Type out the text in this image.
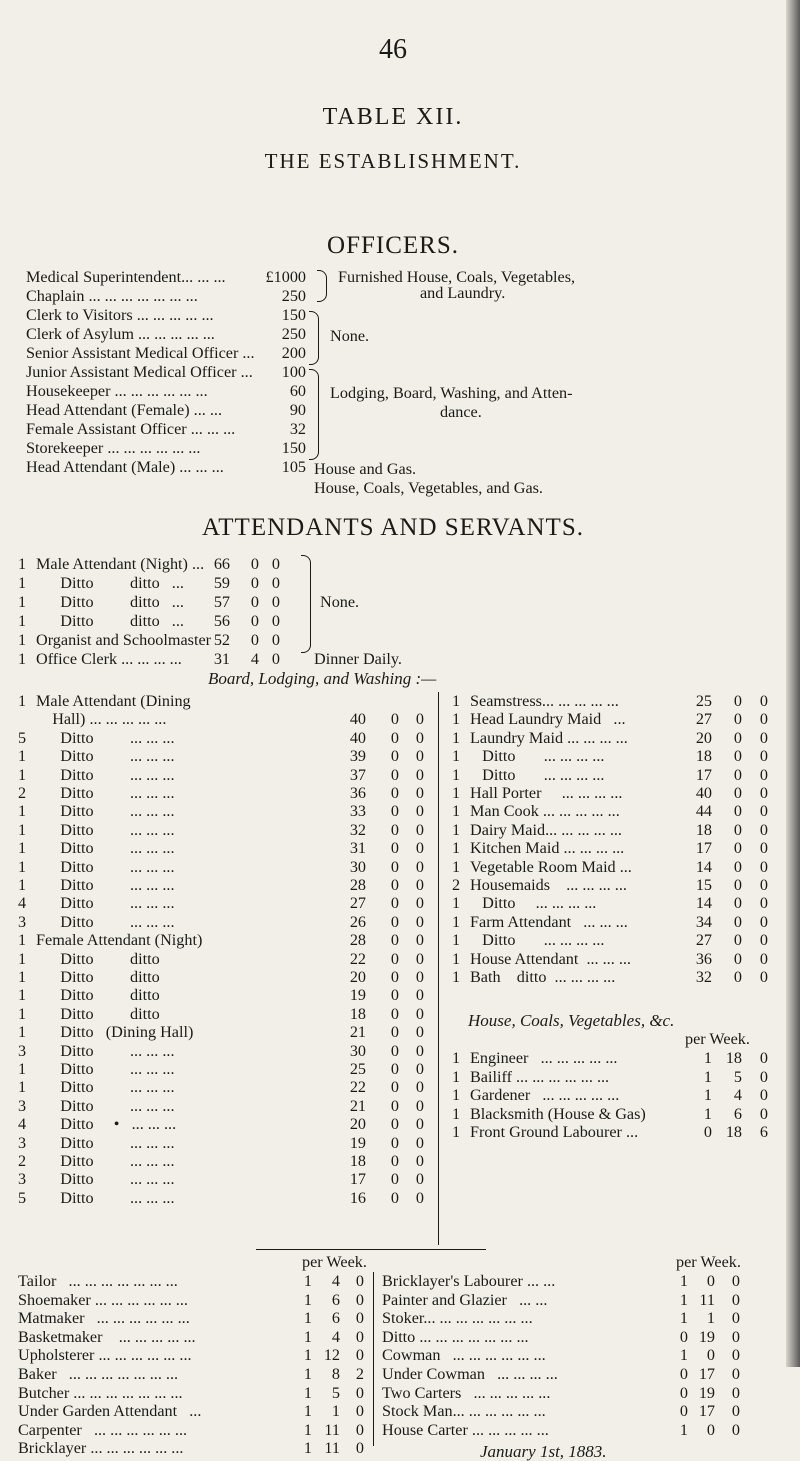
46
TABLE XII.
THE ESTABLISHMENT.
OFFICERS.
Medical Superintendent... ... ...	£1000
Chaplain ... ... ... ... ... ... ...	250
Clerk to Visitors ... ... ... ... ...	150
Clerk of Asylum ... ... ... ... ...	250
Senior Assistant Medical Officer ...	200
Junior Assistant Medical Officer ...	100
Housekeeper ... ... ... ... ... ...	60
Head Attendant (Female) ... ...	90
Female Assistant Officer ... ... ...	32
Storekeeper ... ... ... ... ... ...	150
Head Attendant (Male) ... ... ...	105
Furnished House, Coals, Vegetables,
and Laundry.
None.
Lodging, Board, Washing, and Atten-
dance.
House and Gas.
House, Coals, Vegetables, and Gas.
ATTENDANTS AND SERVANTS.
1 Male Attendant (Night) ... 66	0 0
1 Ditto         ditto   ...	59	0 0
1 Ditto         ditto   ...	57	0 0
1 Ditto         ditto   ...	56	0 0
1 Organist and Schoolmaster 52	0 0
1 Office Clerk ... ... ... ...	31	4 0
None.
Dinner Daily.
Board, Lodging, and Washing :—
1 Male Attendant (Dining
Hall) ... ... ... ... ...	40	0	0
5 Ditto         ... ... ...	40	0	0
1 Ditto         ... ... ...	39	0	0
1 Ditto         ... ... ...	37	0	0
2 Ditto         ... ... ...	36	0	0
1 Ditto         ... ... ...	33	0	0
1 Ditto         ... ... ...	32	0	0
1 Ditto         ... ... ...	31	0	0
1 Ditto         ... ... ...	30	0	0
1 Ditto         ... ... ...	28	0	0
4 Ditto         ... ... ...	27	0	0
3 Ditto         ... ... ...	26	0	0
1 Female Attendant (Night)	28	0	0
1 Ditto         ditto	22	0	0
1 Ditto         ditto	20	0	0
1 Ditto         ditto	19	0	0
1 Ditto         ditto	18	0	0
1 Ditto   (Dining Hall)	21	0	0
3 Ditto         ... ... ...	30	0	0
1 Ditto         ... ... ...	25	0	0
1 Ditto         ... ... ...	22	0	0
3 Ditto         ... ... ...	21	0	0
4 Ditto     •   ... ... ...	20	0	0
3 Ditto         ... ... ...	19	0	0
2 Ditto         ... ... ...	18	0	0
3 Ditto         ... ... ...	17	0	0
5 Ditto         ... ... ...	16	0	0
1 Seamstress... ... ... ... ...	25	0	0
1 Head Laundry Maid   ...	27	0	0
1 Laundry Maid ... ... ... ...	20	0	0
1 Ditto       ... ... ... ...	18	0	0
1 Ditto       ... ... ... ...	17	0	0
1 Hall Porter     ... ... ... ...	40	0	0
1 Man Cook ... ... ... ... ...	44	0	0
1 Dairy Maid... ... ... ... ...	18	0	0
1 Kitchen Maid ... ... ... ...	17	0	0
1 Vegetable Room Maid ...	14	0	0
2 Housemaids    ... ... ... ...	15	0	0
1 Ditto     ... ... ... ...	14	0	0
1 Farm Attendant   ... ... ...	34	0	0
1 Ditto       ... ... ... ...	27	0	0
1 House Attendant  ... ... ...	36	0	0
1 Bath    ditto  ... ... ... ...	32	0	0
House, Coals, Vegetables, &c.
per Week.
1 Engineer   ... ... ... ... ...	1 18	0
1 Bailiff ... ... ... ... ... ...	1	5	0
1 Gardener   ... ... ... ... ...	1	4	0
1 Blacksmith (House & Gas)	1	6	0
1 Front Ground Labourer ...	0 18	6
per Week.	per Week.
Tailor   ... ... ... ... ... ... ...	1	4 0
Shoemaker ... ... ... ... ... ...	1	6 0
Matmaker   ... ... ... ... ... ...	1	6 0
Basketmaker    ... ... ... ... ...	1	4 0
Upholsterer ... ... ... ... ... ...	1 12 0
Baker   ... ... ... ... ... ... ...	1	8 2
Butcher ... ... ... ... ... ... ...	1	5 0
Under Garden Attendant   ...	1	1 0
Carpenter   ... ... ... ... ... ...	1 11 0
Bricklayer ... ... ... ... ... ...	1 11 0
Bricklayer's Labourer ... ...	1	0	0
Painter and Glazier   ... ...	1 11	0
Stoker... ... ... ... ... ... ...	1	1	0
Ditto ... ... ... ... ... ... ...	0 19	0
Cowman   ... ... ... ... ... ...	1	0	0
Under Cowman   ... ... ... ...	0 17	0
Two Carters   ... ... ... ... ...	0 19	0
Stock Man... ... ... ... ... ...	0 17	0
House Carter ... ... ... ... ...	1	0	0
January 1st, 1883.
